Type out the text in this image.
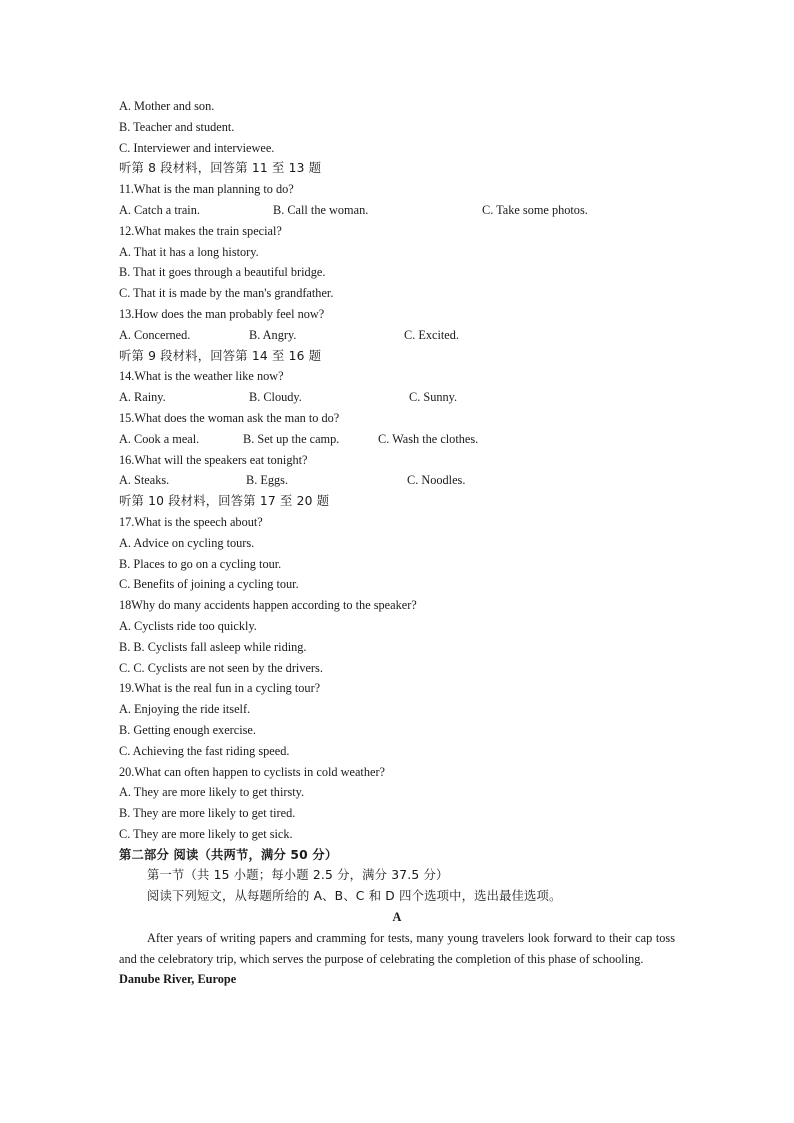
A. Mother and son.
B. Teacher and student.
C. Interviewer and interviewee.
听第 8 段材料，回答第 11 至 13 题
11.What is the man planning to do?
A. Catch a train.	B. Call the woman.	C. Take some photos.
12.What makes the train special?
A. That it has a long history.
B. That it goes through a beautiful bridge.
C. That it is made by the man's grandfather.
13.How does the man probably feel now?
A. Concerned.	B. Angry.	C. Excited.
听第 9 段材料，回答第 14 至 16 题
14.What is the weather like now?
A. Rainy.	B. Cloudy.	C. Sunny.
15.What does the woman ask the man to do?
A. Cook a meal.	B. Set up the camp.	C. Wash the clothes.
16.What will the speakers eat tonight?
A. Steaks.	B. Eggs.	C. Noodles.
听第 10 段材料，回答第 17 至 20 题
17.What is the speech about?
A. Advice on cycling tours.
B. Places to go on a cycling tour.
C. Benefits of joining a cycling tour.
18Why do many accidents happen according to the speaker?
A. Cyclists ride too quickly.
B. B. Cyclists fall asleep while riding.
C. C. Cyclists are not seen by the drivers.
19.What is the real fun in a cycling tour?
A. Enjoying the ride itself.
B. Getting enough exercise.
C. Achieving the fast riding speed.
20.What can often happen to cyclists in cold weather?
A. They are more likely to get thirsty.
B. They are more likely to get tired.
C. They are more likely to get sick.
第二部分 阅读（共两节，满分 50 分）
第一节（共 15 小题；每小题 2.5 分，满分 37.5 分）
阅读下列短文，从每题所给的 A、B、C 和 D 四个选项中，选出最佳选项。
A
After years of writing papers and cramming for tests, many young travelers look forward to their cap toss and the celebratory trip, which serves the purpose of celebrating the completion of this phase of schooling.
Danube River, Europe
